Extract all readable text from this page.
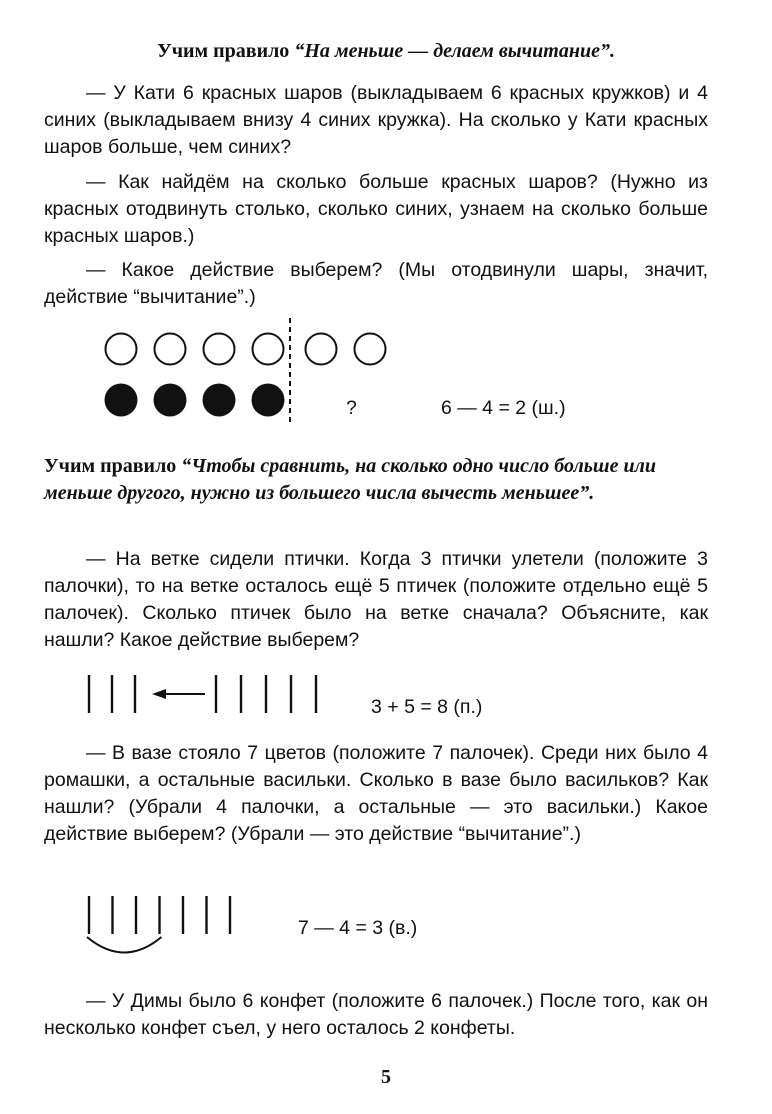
Учим правило “На меньше — делаем вычитание”.
— У Кати 6 красных шаров (выкладываем 6 красных кружков) и 4 синих (выкладываем внизу 4 синих кружка). На сколько у Кати красных шаров больше, чем синих?
— Как найдём на сколько больше красных шаров? (Нужно из красных отодвинуть столько, сколько синих, узнаем на сколько больше красных шаров.)
— Какое действие выберем? (Мы отодвинули шары, значит, действие “вычитание”.)
?	6 — 4 = 2 (ш.)
Учим правило “Чтобы сравнить, на сколько одно число больше или меньше другого, нужно из большего числа вычесть меньшее”.
— На ветке сидели птички. Когда 3 птички улетели (положите 3 палочки), то на ветке осталось ещё 5 птичек (положите отдельно ещё 5 палочек). Сколько птичек было на ветке сначала? Объясните, как нашли? Какое действие выберем?
3 + 5 = 8 (п.)
— В вазе стояло 7 цветов (положите 7 палочек). Среди них было 4 ромашки, а остальные васильки. Сколько в вазе было васильков? Как нашли? (Убрали 4 палочки, а остальные — это васильки.) Какое действие выберем? (Убрали — это действие “вычитание”.)
7 — 4 = 3 (в.)
— У Димы было 6 конфет (положите 6 палочек.) После того, как он несколько конфет съел, у него осталось 2 конфеты.
5
